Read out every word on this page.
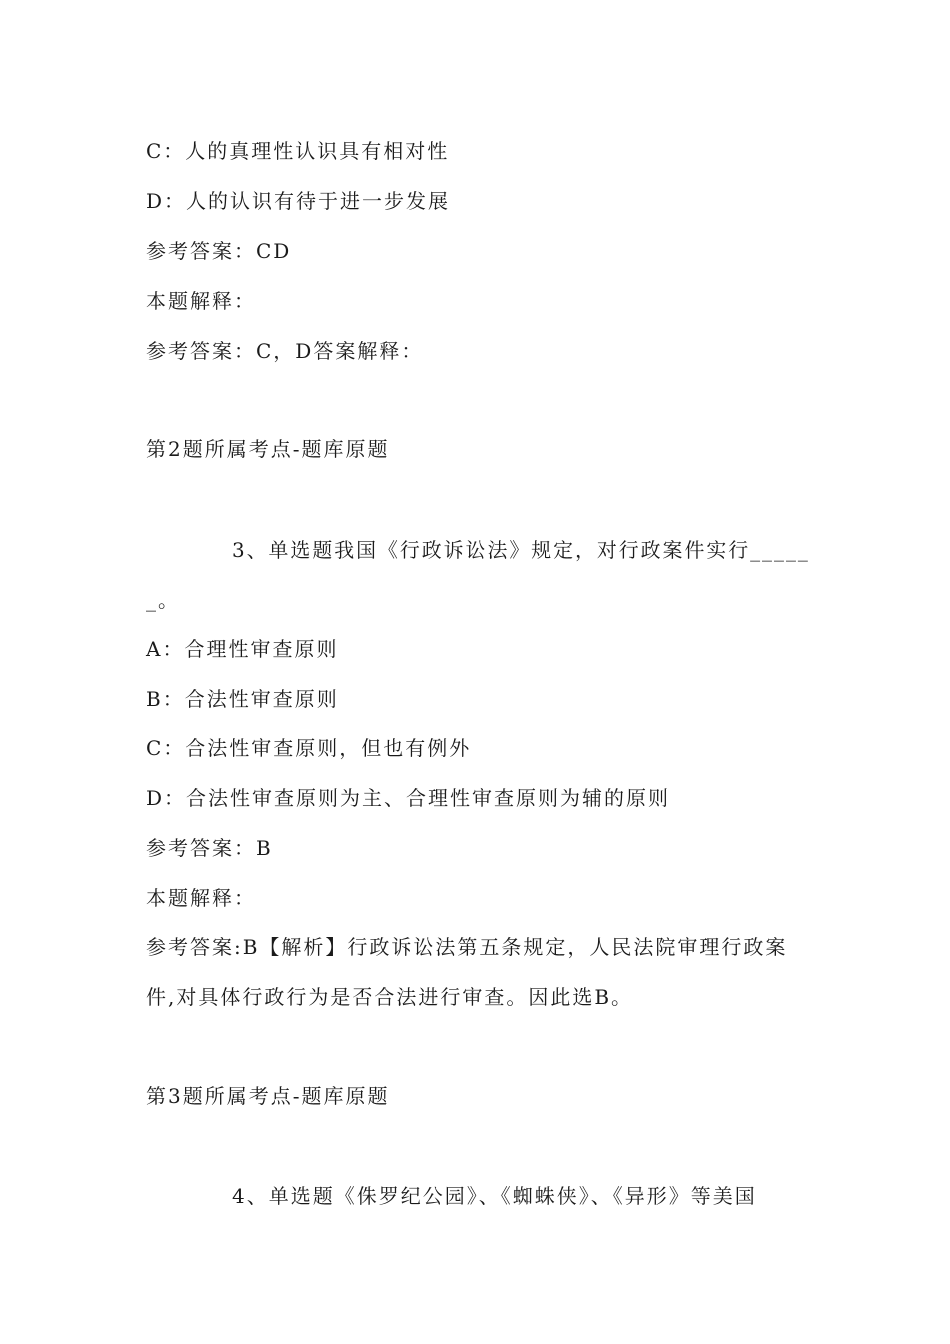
C：人的真理性认识具有相对性
D：人的认识有待于进一步发展
参考答案：CD
本题解释：
参考答案：C，D答案解释：
第2题所属考点-题库原题
3、单选题我国《行政诉讼法》规定，对行政案件实行_____
_。
A：合理性审查原则
B：合法性审查原则
C：合法性审查原则，但也有例外
D：合法性审查原则为主、合理性审查原则为辅的原则
参考答案：B
本题解释：
参考答案:B【解析】行政诉讼法第五条规定，人民法院审理行政案
件,对具体行政行为是否合法进行审查。因此选B。
第3题所属考点-题库原题
4、单选题《侏罗纪公园》、《蜘蛛侠》、《异形》等美国
